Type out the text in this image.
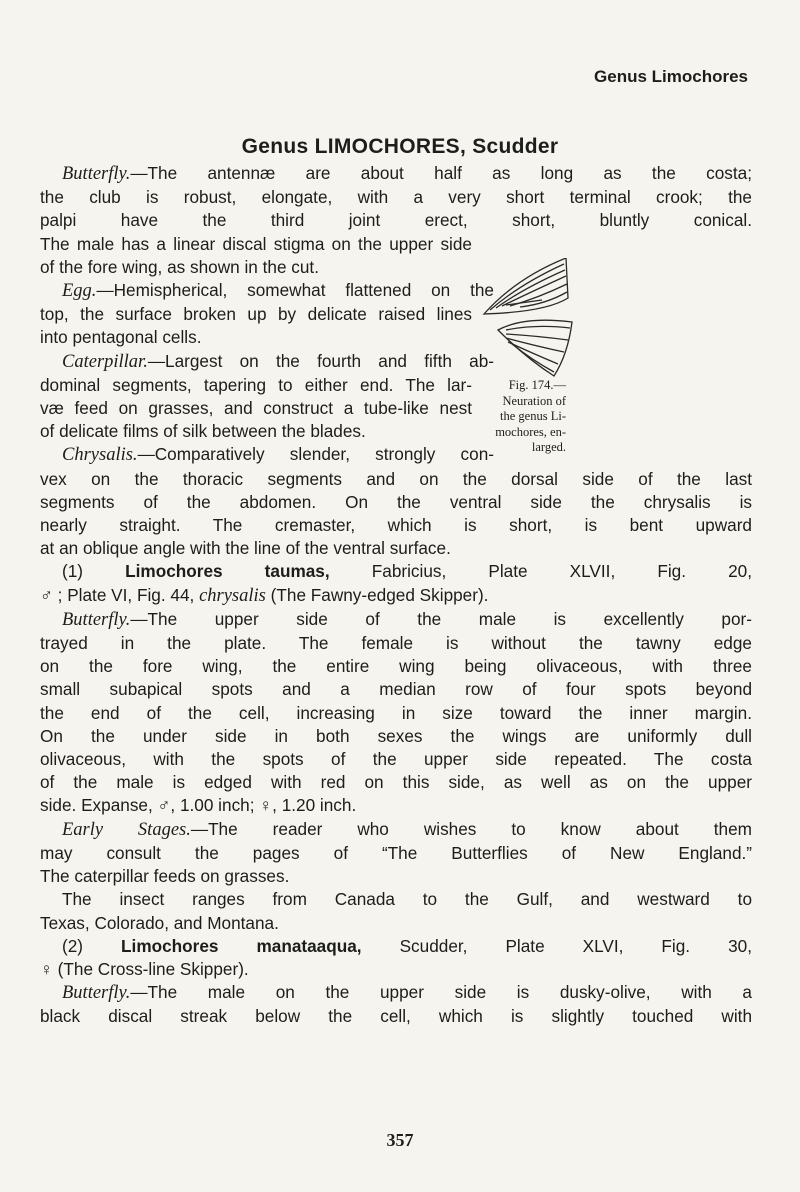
Genus Limochores
Genus LIMOCHORES, Scudder
Fig. 174.—
Neuration of
the genus Li-
mochores, en-
larged.
Butterfly.—The antennæ are about half as long as the costa;
the club is robust, elongate, with a very short terminal crook; the
palpi have the third joint erect, short, bluntly conical.
The male has a linear discal stigma on the upper side
of the fore wing, as shown in the cut.
Egg.—Hemispherical, somewhat flattened on the
top, the surface broken up by delicate raised lines
into pentagonal cells.
Caterpillar.—Largest on the fourth and fifth ab-
dominal segments, tapering to either end. The lar-
væ feed on grasses, and construct a tube-like nest
of delicate films of silk between the blades.
Chrysalis.—Comparatively slender, strongly con-
vex on the thoracic segments and on the dorsal side of the last
segments of the abdomen. On the ventral side the chrysalis is
nearly straight. The cremaster, which is short, is bent upward
at an oblique angle with the line of the ventral surface.
(1) Limochores taumas, Fabricius, Plate XLVII, Fig. 20,
♂ ; Plate VI, Fig. 44, chrysalis (The Fawny-edged Skipper).
Butterfly.—The upper side of the male is excellently por-
trayed in the plate. The female is without the tawny edge
on the fore wing, the entire wing being olivaceous, with three
small subapical spots and a median row of four spots beyond
the end of the cell, increasing in size toward the inner margin.
On the under side in both sexes the wings are uniformly dull
olivaceous, with the spots of the upper side repeated. The costa
of the male is edged with red on this side, as well as on the upper
side. Expanse, ♂, 1.00 inch; ♀, 1.20 inch.
Early Stages.—The reader who wishes to know about them
may consult the pages of “The Butterflies of New England.”
The caterpillar feeds on grasses.
The insect ranges from Canada to the Gulf, and westward to
Texas, Colorado, and Montana.
(2) Limochores manataaqua, Scudder, Plate XLVI, Fig. 30,
♀ (The Cross-line Skipper).
Butterfly.—The male on the upper side is dusky-olive, with a
black discal streak below the cell, which is slightly touched with
357
